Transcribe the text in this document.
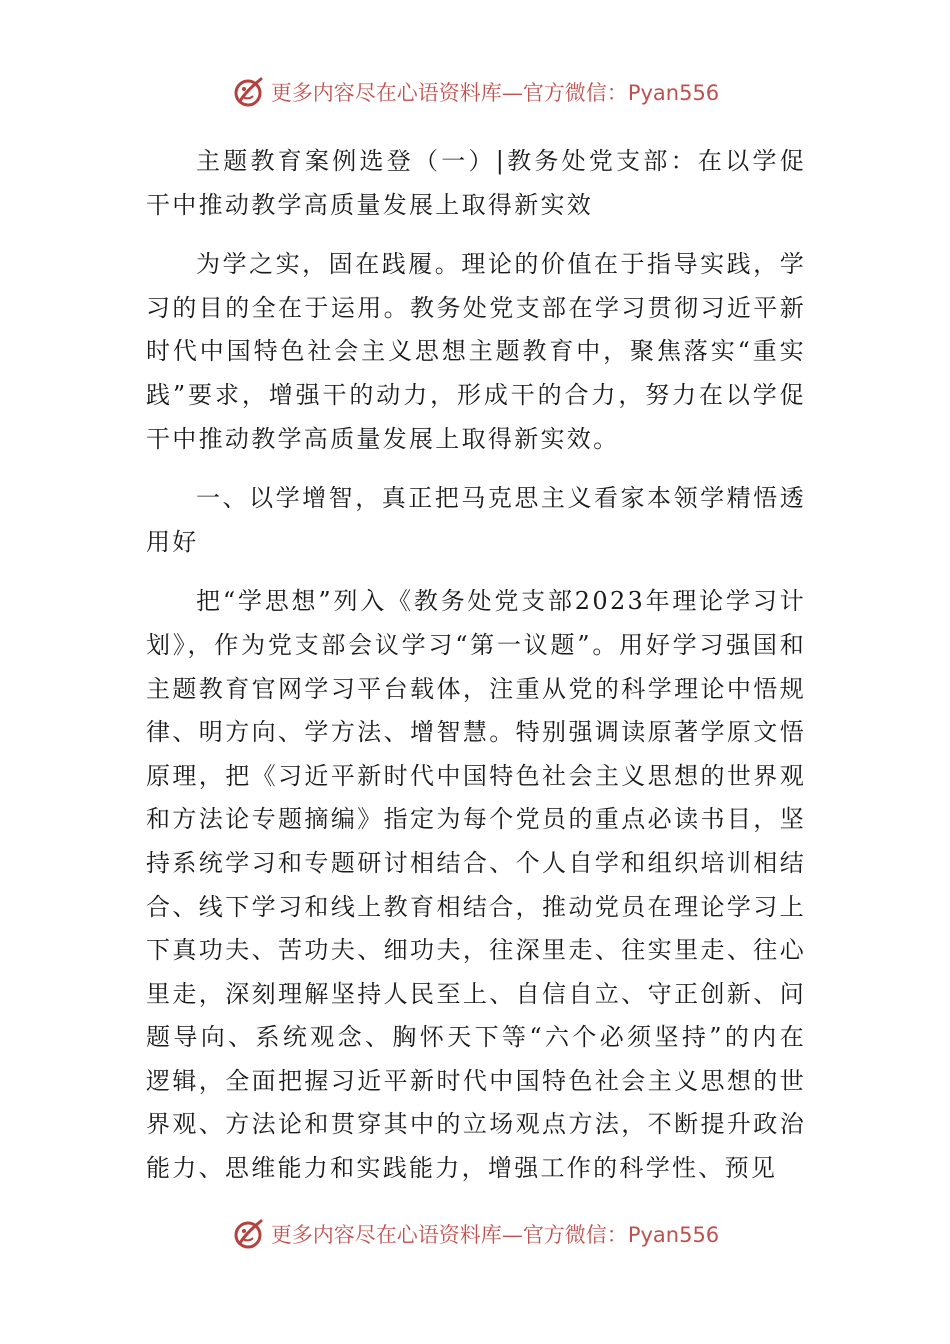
更多内容尽在心语资料库—官方微信：Pyan556

主题教育案例选登（一）|教务处党支部：在以学促干中推动教学高质量发展上取得新实效

为学之实，固在践履。理论的价值在于指导实践，学习的目的全在于运用。教务处党支部在学习贯彻习近平新时代中国特色社会主义思想主题教育中，聚焦落实“重实践”要求，增强干的动力，形成干的合力，努力在以学促干中推动教学高质量发展上取得新实效。

一、以学增智，真正把马克思主义看家本领学精悟透用好

把“学思想”列入《教务处党支部2023年理论学习计划》，作为党支部会议学习“第一议题”。用好学习强国和主题教育官网学习平台载体，注重从党的科学理论中悟规律、明方向、学方法、增智慧。特别强调读原著学原文悟原理，把《习近平新时代中国特色社会主义思想的世界观和方法论专题摘编》指定为每个党员的重点必读书目，坚持系统学习和专题研讨相结合、个人自学和组织培训相结合、线下学习和线上教育相结合，推动党员在理论学习上下真功夫、苦功夫、细功夫，往深里走、往实里走、往心里走，深刻理解坚持人民至上、自信自立、守正创新、问题导向、系统观念、胸怀天下等“六个必须坚持”的内在逻辑，全面把握习近平新时代中国特色社会主义思想的世界观、方法论和贯穿其中的立场观点方法，不断提升政治能力、思维能力和实践能力，增强工作的科学性、预见

更多内容尽在心语资料库—官方微信：Pyan556
